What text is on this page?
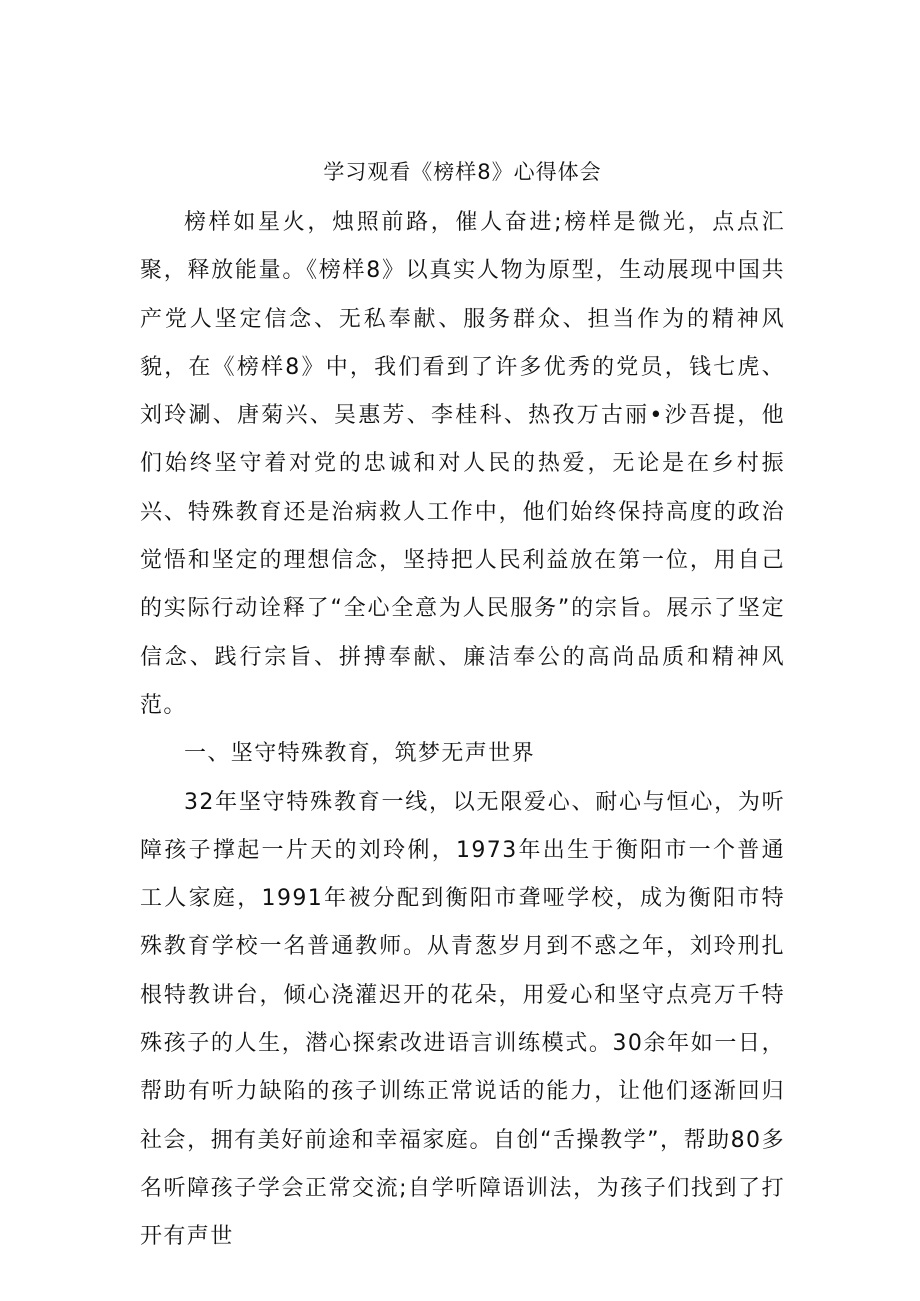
学习观看《榜样8》心得体会

榜样如星火，烛照前路，催人奋进;榜样是微光，点点汇聚，释放能量。《榜样8》以真实人物为原型，生动展现中国共产党人坚定信念、无私奉献、服务群众、担当作为的精神风貌，在《榜样8》中，我们看到了许多优秀的党员，钱七虎、刘玲涮、唐菊兴、吴惠芳、李桂科、热孜万古丽•沙吾提，他们始终坚守着对党的忠诚和对人民的热爱，无论是在乡村振兴、特殊教育还是治病救人工作中，他们始终保持高度的政治觉悟和坚定的理想信念，坚持把人民利益放在第一位，用自己的实际行动诠释了“全心全意为人民服务”的宗旨。展示了坚定信念、践行宗旨、拼搏奉献、廉洁奉公的高尚品质和精神风范。

一、坚守特殊教育，筑梦无声世界

32年坚守特殊教育一线，以无限爱心、耐心与恒心，为听障孩子撑起一片天的刘玲俐，1973年出生于衡阳市一个普通工人家庭，1991年被分配到衡阳市聋哑学校，成为衡阳市特殊教育学校一名普通教师。从青葱岁月到不惑之年，刘玲刑扎根特教讲台，倾心浇灌迟开的花朵，用爱心和坚守点亮万千特殊孩子的人生，潜心探索改进语言训练模式。30余年如一日，帮助有听力缺陷的孩子训练正常说话的能力，让他们逐渐回归社会，拥有美好前途和幸福家庭。自创“舌操教学”，帮助80多名听障孩子学会正常交流;自学听障语训法，为孩子们找到了打开有声世
